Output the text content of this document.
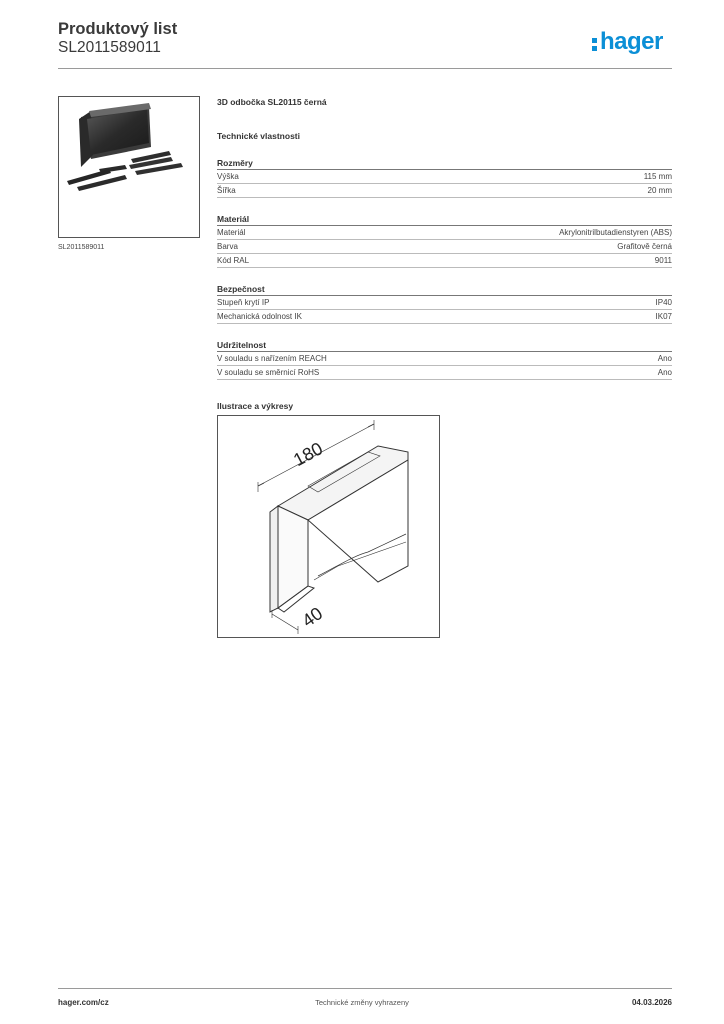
Produktový list
SL2011589011	hager
SL2011589011
3D odbočka SL20115 černá
Technické vlastnosti
Rozměry
Výška	115 mm
Šířka	20 mm
Materiál
Materiál	Akrylonitrilbutadienstyren (ABS)
Barva	Grafitově černá
Kód RAL	9011
Bezpečnost
Stupeň krytí IP	IP40
Mechanická odolnost IK	IK07
Udržitelnost
V souladu s nařízením REACH	Ano
V souladu se směrnicí RoHS	Ano
Ilustrace a výkresy
180
40
hager.com/cz	Technické změny vyhrazeny	04.03.2026
